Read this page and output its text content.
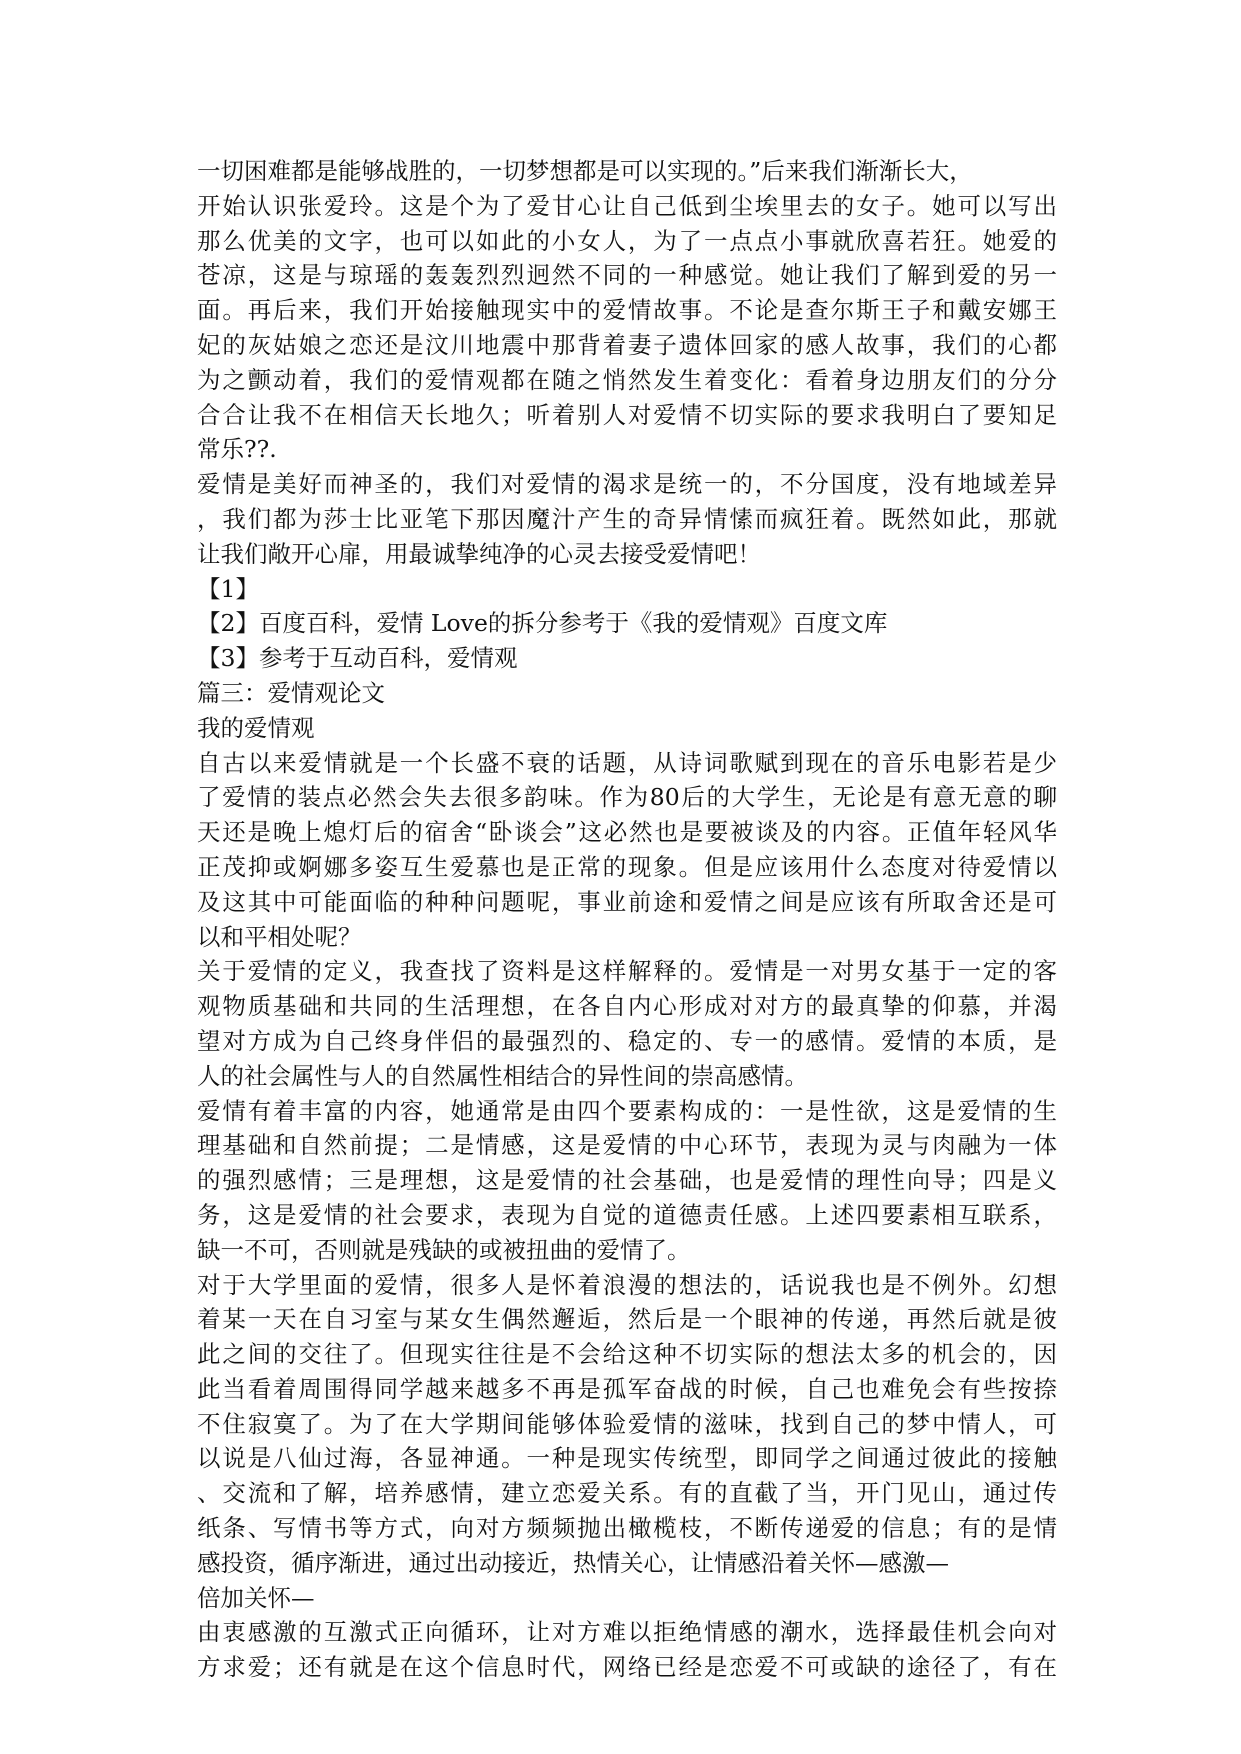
一切困难都是能够战胜的，一切梦想都是可以实现的。”后来我们渐渐长大，
开始认识张爱玲。这是个为了爱甘心让自己低到尘埃里去的女子。她可以写出
那么优美的文字，也可以如此的小女人，为了一点点小事就欣喜若狂。她爱的
苍凉，这是与琼瑶的轰轰烈烈迥然不同的一种感觉。她让我们了解到爱的另一
面。再后来，我们开始接触现实中的爱情故事。不论是查尔斯王子和戴安娜王
妃的灰姑娘之恋还是汶川地震中那背着妻子遗体回家的感人故事，我们的心都
为之颤动着，我们的爱情观都在随之悄然发生着变化：看着身边朋友们的分分
合合让我不在相信天长地久；听着别人对爱情不切实际的要求我明白了要知足
常乐??.
爱情是美好而神圣的，我们对爱情的渴求是统一的，不分国度，没有地域差异
，我们都为莎士比亚笔下那因魔汁产生的奇异情愫而疯狂着。既然如此，那就
让我们敞开心扉，用最诚挚纯净的心灵去接受爱情吧！
【1】
【2】百度百科，爱情 Love的拆分参考于《我的爱情观》百度文库
【3】参考于互动百科，爱情观
篇三：爱情观论文
我的爱情观
自古以来爱情就是一个长盛不衰的话题，从诗词歌赋到现在的音乐电影若是少
了爱情的装点必然会失去很多韵味。作为80后的大学生，无论是有意无意的聊
天还是晚上熄灯后的宿舍“卧谈会”这必然也是要被谈及的内容。正值年轻风华
正茂抑或婀娜多姿互生爱慕也是正常的现象。但是应该用什么态度对待爱情以
及这其中可能面临的种种问题呢，事业前途和爱情之间是应该有所取舍还是可
以和平相处呢？
关于爱情的定义，我查找了资料是这样解释的。爱情是一对男女基于一定的客
观物质基础和共同的生活理想，在各自内心形成对对方的最真挚的仰慕，并渴
望对方成为自己终身伴侣的最强烈的、稳定的、专一的感情。爱情的本质，是
人的社会属性与人的自然属性相结合的异性间的崇高感情。
爱情有着丰富的内容，她通常是由四个要素构成的：一是性欲，这是爱情的生
理基础和自然前提；二是情感，这是爱情的中心环节，表现为灵与肉融为一体
的强烈感情；三是理想，这是爱情的社会基础，也是爱情的理性向导；四是义
务，这是爱情的社会要求，表现为自觉的道德责任感。上述四要素相互联系，
缺一不可，否则就是残缺的或被扭曲的爱情了。
对于大学里面的爱情，很多人是怀着浪漫的想法的，话说我也是不例外。幻想
着某一天在自习室与某女生偶然邂逅，然后是一个眼神的传递，再然后就是彼
此之间的交往了。但现实往往是不会给这种不切实际的想法太多的机会的，因
此当看着周围得同学越来越多不再是孤军奋战的时候，自己也难免会有些按捺
不住寂寞了。为了在大学期间能够体验爱情的滋味，找到自己的梦中情人，可
以说是八仙过海，各显神通。一种是现实传统型，即同学之间通过彼此的接触
、交流和了解，培养感情，建立恋爱关系。有的直截了当，开门见山，通过传
纸条、写情书等方式，向对方频频抛出橄榄枝，不断传递爱的信息；有的是情
感投资，循序渐进，通过出动接近，热情关心，让情感沿着关怀—感激—
倍加关怀—
由衷感激的互激式正向循环，让对方难以拒绝情感的潮水，选择最佳机会向对
方求爱；还有就是在这个信息时代，网络已经是恋爱不可或缺的途径了，有在
